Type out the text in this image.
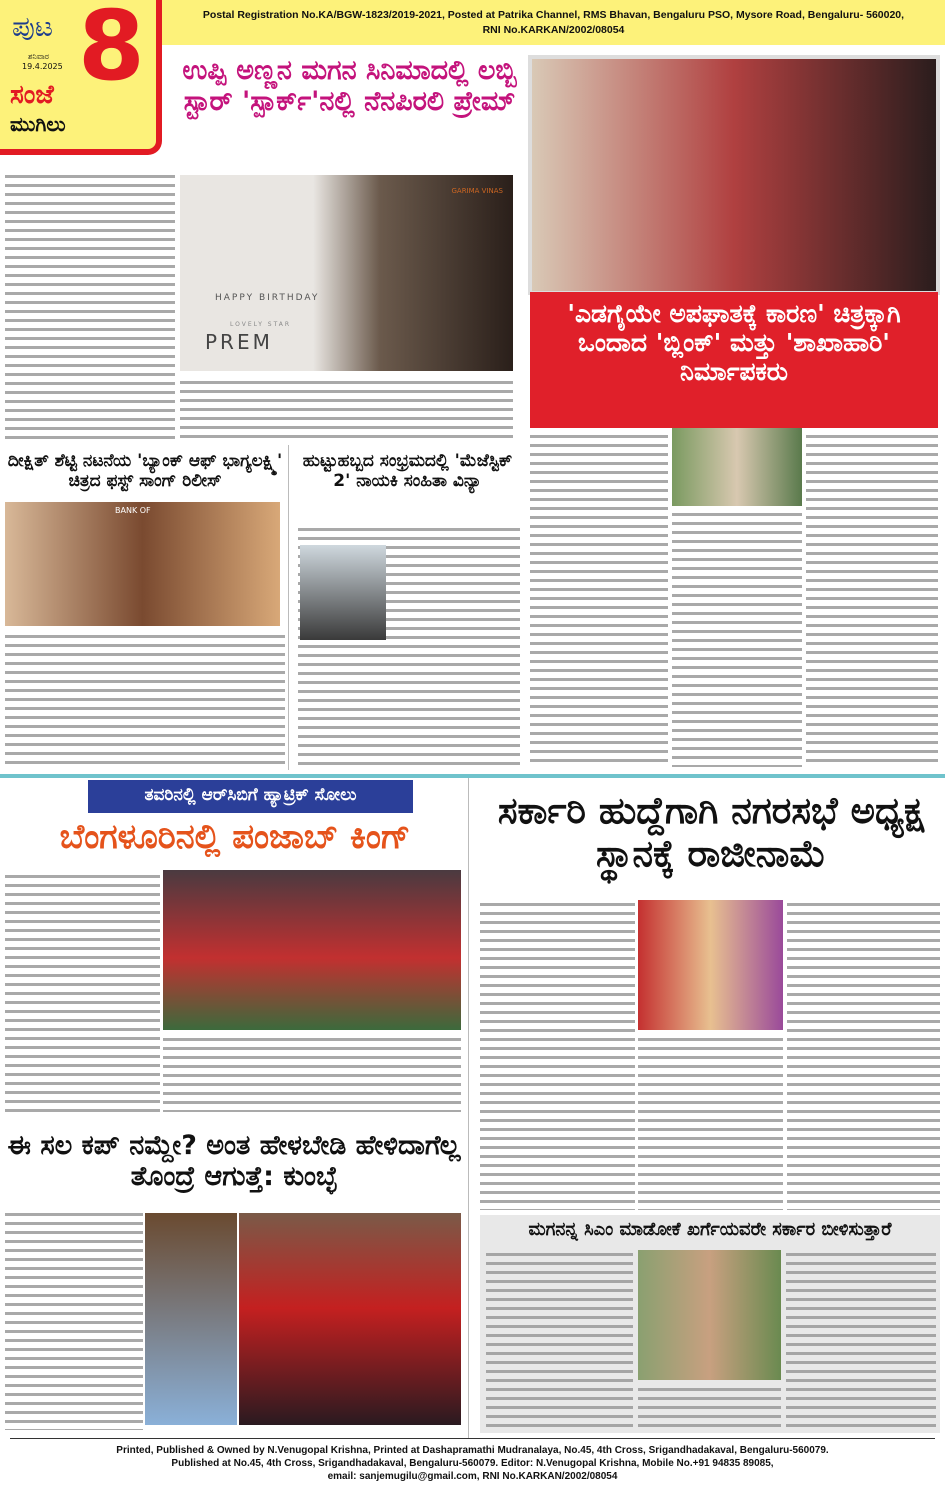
ಪುಟ 8
ಶನಿವಾರ
19.4.2025
ಸಂಜೆ
ಮುಗಿಲು
Postal Registration No.KA/BGW-1823/2019-2021, Posted at Patrika Channel, RMS Bhavan, Bengaluru PSO, Mysore Road, Bengaluru- 560020, RNI No.KARKAN/2002/08054
ಉಪ್ಪಿ ಅಣ್ಣನ ಮಗನ ಸಿನಿಮಾದಲ್ಲಿ ಲಬ್ಬಿ ಸ್ಟಾರ್ 'ಸ್ಪಾರ್ಕ್'ನಲ್ಲಿ ನೆನಪಿರಲಿ ಪ್ರೇಮ್
GARIMA VINAS
HAPPY BIRTHDAY
LOVELY STAR
PREM
'ಎಡಗೈಯೇ ಅಪಘಾತಕ್ಕೆ ಕಾರಣ' ಚಿತ್ರಕ್ಕಾಗಿ ಒಂದಾದ 'ಬ್ಲಿಂಕ್' ಮತ್ತು 'ಶಾಖಾಹಾರಿ' ನಿರ್ಮಾಪಕರು
ದೀಕ್ಷಿತ್ ಶೆಟ್ಟಿ ನಟನೆಯ 'ಬ್ಯಾಂಕ್ ಆಫ್ ಭಾಗ್ಯಲಕ್ಷ್ಮಿ' ಚಿತ್ರದ ಫಸ್ಟ್ ಸಾಂಗ್ ರಿಲೀಸ್
BANK OF
ಹುಟ್ಟುಹಬ್ಬದ ಸಂಭ್ರಮದಲ್ಲಿ 'ಮೆಜೆಸ್ಟಿಕ್ 2' ನಾಯಕಿ ಸಂಹಿತಾ ವಿನ್ಯಾ
ತವರಿನಲ್ಲಿ ಆರ್‌ಸಿಬಿಗೆ ಹ್ಯಾಟ್ರಿಕ್ ಸೋಲು
ಬೆಂಗಳೂರಿನಲ್ಲಿ ಪಂಜಾಬ್ ಕಿಂಗ್
ಸರ್ಕಾರಿ ಹುದ್ದೆಗಾಗಿ ನಗರಸಭೆ ಅಧ್ಯಕ್ಷ ಸ್ಥಾನಕ್ಕೆ ರಾಜೀನಾಮೆ
ಈ ಸಲ ಕಪ್ ನಮ್ದೇ? ಅಂತ ಹೇಳಬೇಡಿ ಹೇಳಿದಾಗೆಲ್ಲ ತೊಂದ್ರೆ ಆಗುತ್ತೆ: ಕುಂಬ್ಳೆ
ಮಗನನ್ನ ಸಿಎಂ ಮಾಡೋಕೆ ಖರ್ಗೆಯವರೇ ಸರ್ಕಾರ ಬೀಳಿಸುತ್ತಾರೆ
Printed, Published & Owned by N.Venugopal Krishna, Printed at Dashapramathi Mudranalaya, No.45, 4th Cross, Srigandhadakaval, Bengaluru-560079.
Published at No.45, 4th Cross, Srigandhadakaval, Bengaluru-560079. Editor: N.Venugopal Krishna, Mobile No.+91 94835 89085,
email: sanjemugilu@gmail.com, RNI No.KARKAN/2002/08054
